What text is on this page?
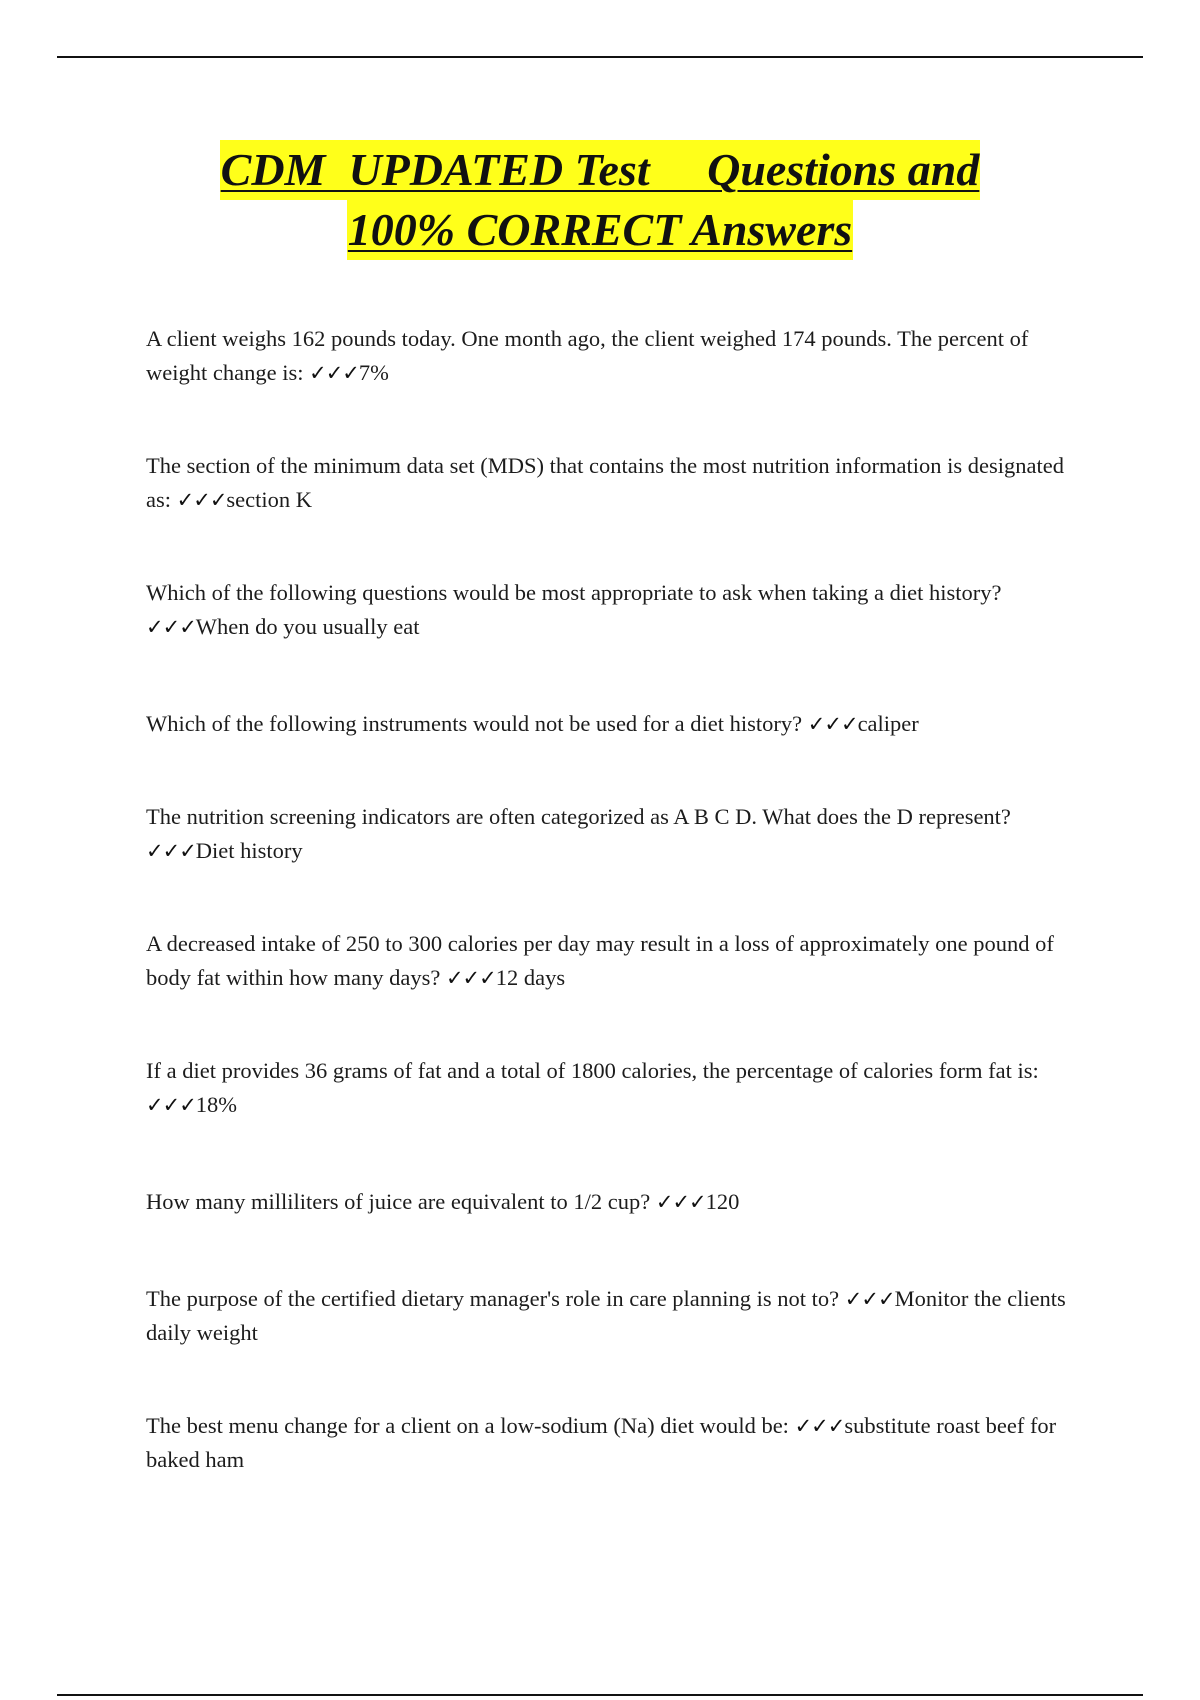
CDM  UPDATED Test     Questions and
100% CORRECT Answers
A client weighs 162 pounds today. One month ago, the client weighed 174 pounds. The percent of weight change is: ✓✓✓7%
The section of the minimum data set (MDS) that contains the most nutrition information is designated as: ✓✓✓section K
Which of the following questions would be most appropriate to ask when taking a diet history? ✓✓✓When do you usually eat
Which of the following instruments would not be used for a diet history? ✓✓✓caliper
The nutrition screening indicators are often categorized as A B C D. What does the D represent? ✓✓✓Diet history
A decreased intake of 250 to 300 calories per day may result in a loss of approximately one pound of body fat within how many days? ✓✓✓12 days
If a diet provides 36 grams of fat and a total of 1800 calories, the percentage of calories form fat is: ✓✓✓18%
How many milliliters of juice are equivalent to 1/2 cup? ✓✓✓120
The purpose of the certified dietary manager's role in care planning is not to? ✓✓✓Monitor the clients daily weight
The best menu change for a client on a low-sodium (Na) diet would be: ✓✓✓substitute roast beef for baked ham
